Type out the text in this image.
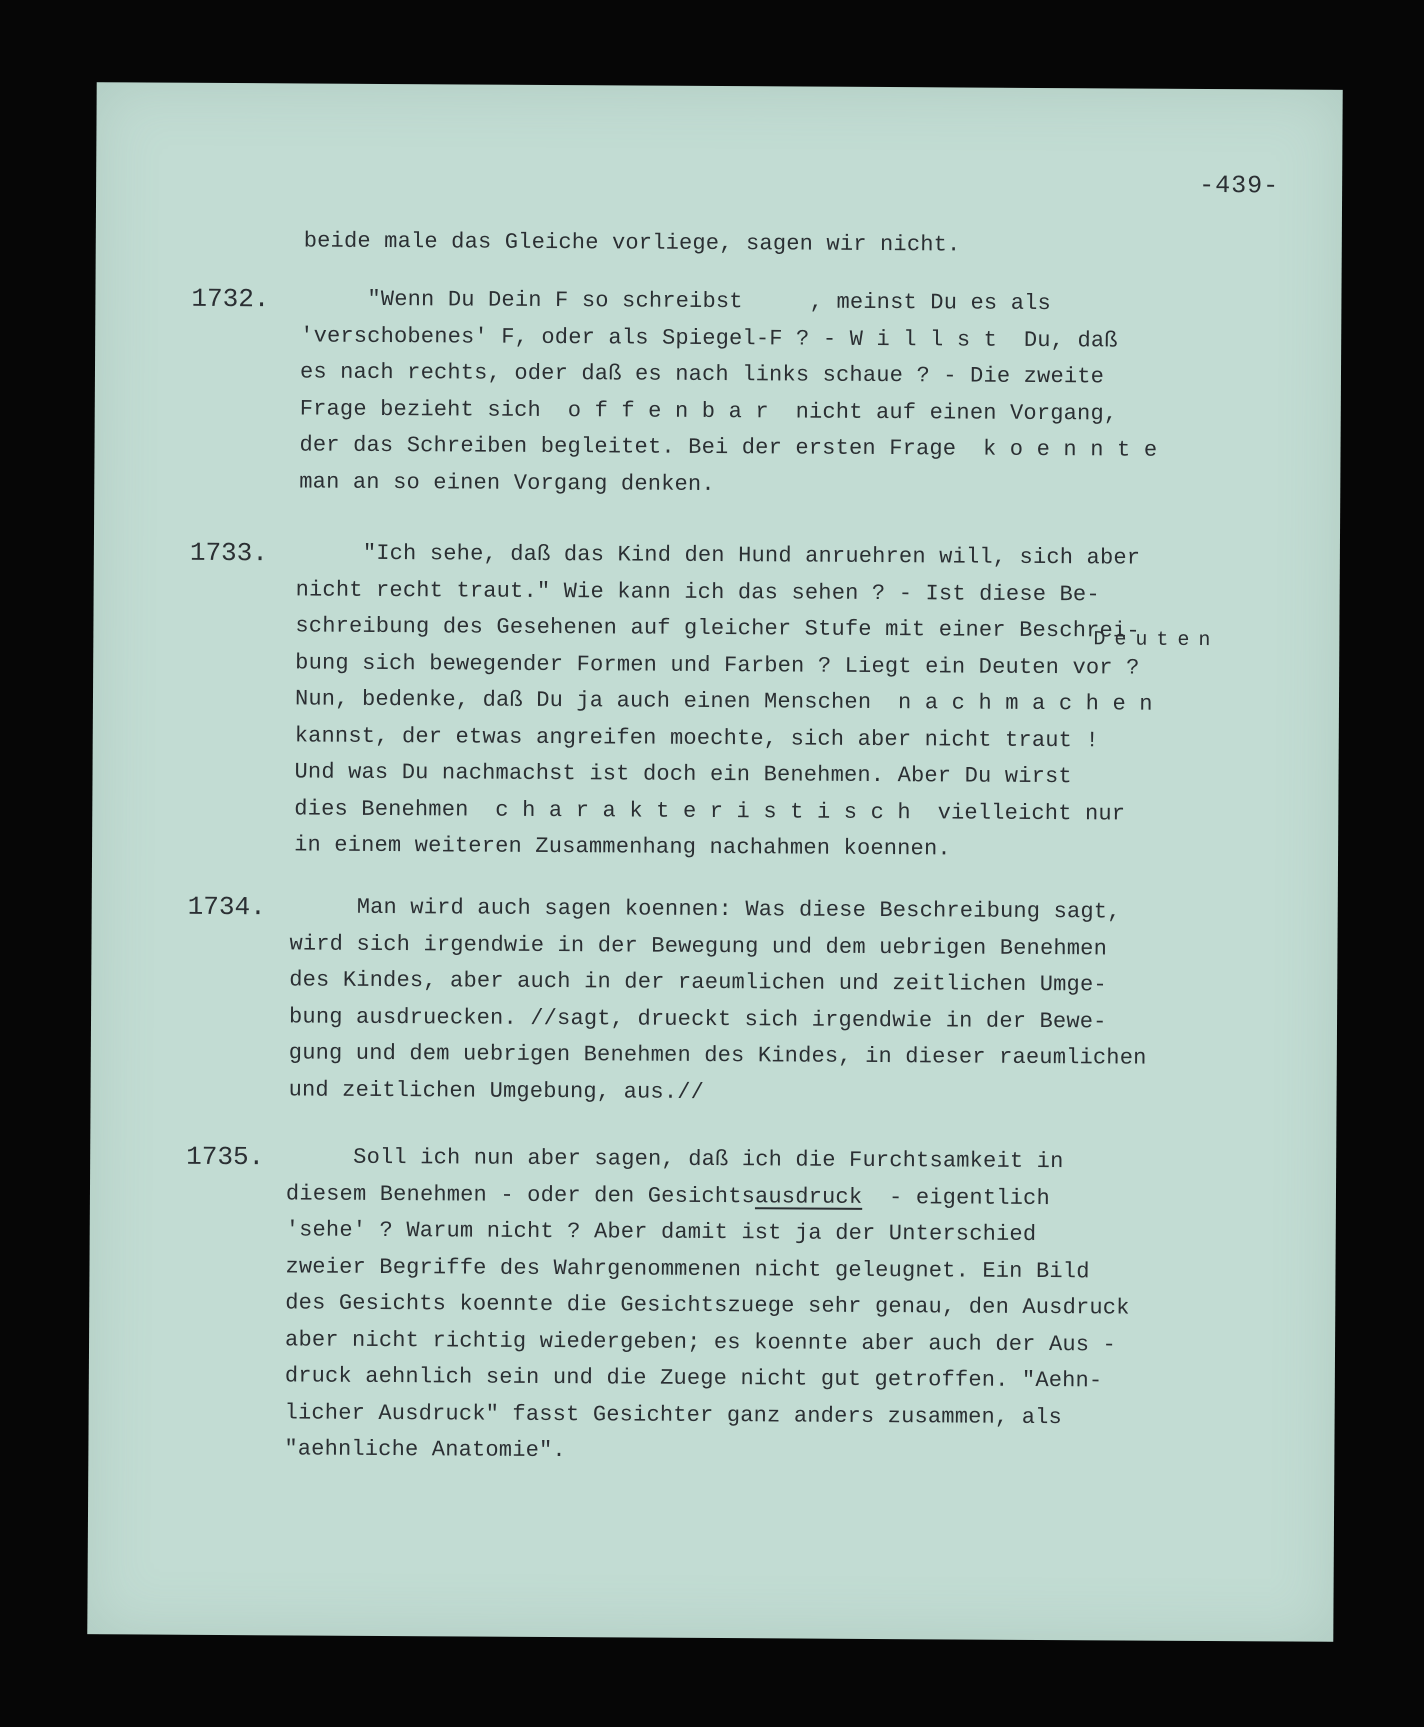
-439-
beide male das Gleiche vorliege, sagen wir nicht.
1732. "Wenn Du Dein F so schreibst     , meinst Du es als
'verschobenes' F, oder als Spiegel-F ? - W i l l s t  Du, daß
es nach rechts, oder daß es nach links schaue ? - Die zweite
Frage bezieht sich  o f f e n b a r  nicht auf einen Vorgang,
der das Schreiben begleitet. Bei der ersten Frage  k o e n n t e
man an so einen Vorgang denken.
1733. "Ich sehe, daß das Kind den Hund anruehren will, sich aber
nicht recht traut." Wie kann ich das sehen ? - Ist diese Be-
schreibung des Gesehenen auf gleicher Stufe mit einer Beschrei-
bung sich bewegender Formen und Farben ? Liegt ein Deuten vor ?
Nun, bedenke, daß Du ja auch einen Menschen  n a c h m a c h e n
kannst, der etwas angreifen moechte, sich aber nicht traut !
Und was Du nachmachst ist doch ein Benehmen. Aber Du wirst
dies Benehmen  c h a r a k t e r i s t i s c h  vielleicht nur
in einem weiteren Zusammenhang nachahmen koennen.
Deuten
1734. Man wird auch sagen koennen: Was diese Beschreibung sagt,
wird sich irgendwie in der Bewegung und dem uebrigen Benehmen
des Kindes, aber auch in der raeumlichen und zeitlichen Umge-
bung ausdruecken. //sagt, drueckt sich irgendwie in der Bewe-
gung und dem uebrigen Benehmen des Kindes, in dieser raeumlichen
und zeitlichen Umgebung, aus.//
1735. Soll ich nun aber sagen, daß ich die Furchtsamkeit in
diesem Benehmen - oder den Gesichtsausdruck  - eigentlich
'sehe' ? Warum nicht ? Aber damit ist ja der Unterschied
zweier Begriffe des Wahrgenommenen nicht geleugnet. Ein Bild
des Gesichts koennte die Gesichtszuege sehr genau, den Ausdruck
aber nicht richtig wiedergeben; es koennte aber auch der Aus -
druck aehnlich sein und die Zuege nicht gut getroffen. "Aehn-
licher Ausdruck" fasst Gesichter ganz anders zusammen, als
"aehnliche Anatomie".
